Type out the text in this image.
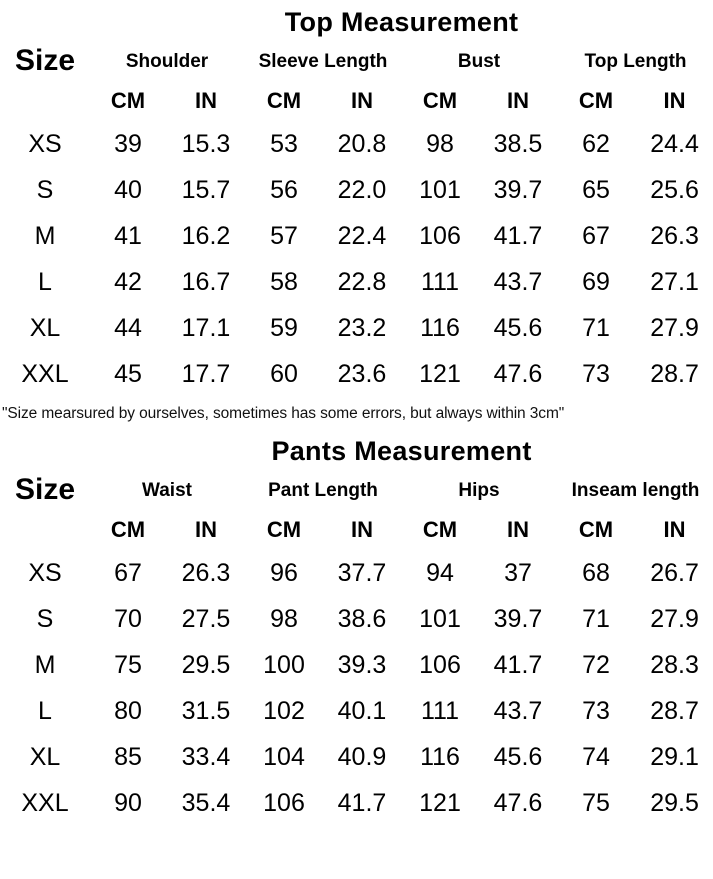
Size	Top Measurement							
	Shoulder		Sleeve Length		Bust		Top Length	
	CM	IN	CM	IN	CM	IN	CM	IN
XS	39	15.3	53	20.8	98	38.5	62	24.4
S	40	15.7	56	22.0	101	39.7	65	25.6
M	41	16.2	57	22.4	106	41.7	67	26.3
L	42	16.7	58	22.8	111	43.7	69	27.1
XL	44	17.1	59	23.2	116	45.6	71	27.9
XXL	45	17.7	60	23.6	121	47.6	73	28.7
"Size mearsured by ourselves, sometimes has some errors, but always within 3cm"
Size	Pants Measurement							
	Waist		Pant Length		Hips		Inseam length	
	CM	IN	CM	IN	CM	IN	CM	IN
XS	67	26.3	96	37.7	94	37	68	26.7
S	70	27.5	98	38.6	101	39.7	71	27.9
M	75	29.5	100	39.3	106	41.7	72	28.3
L	80	31.5	102	40.1	111	43.7	73	28.7
XL	85	33.4	104	40.9	116	45.6	74	29.1
XXL	90	35.4	106	41.7	121	47.6	75	29.5
